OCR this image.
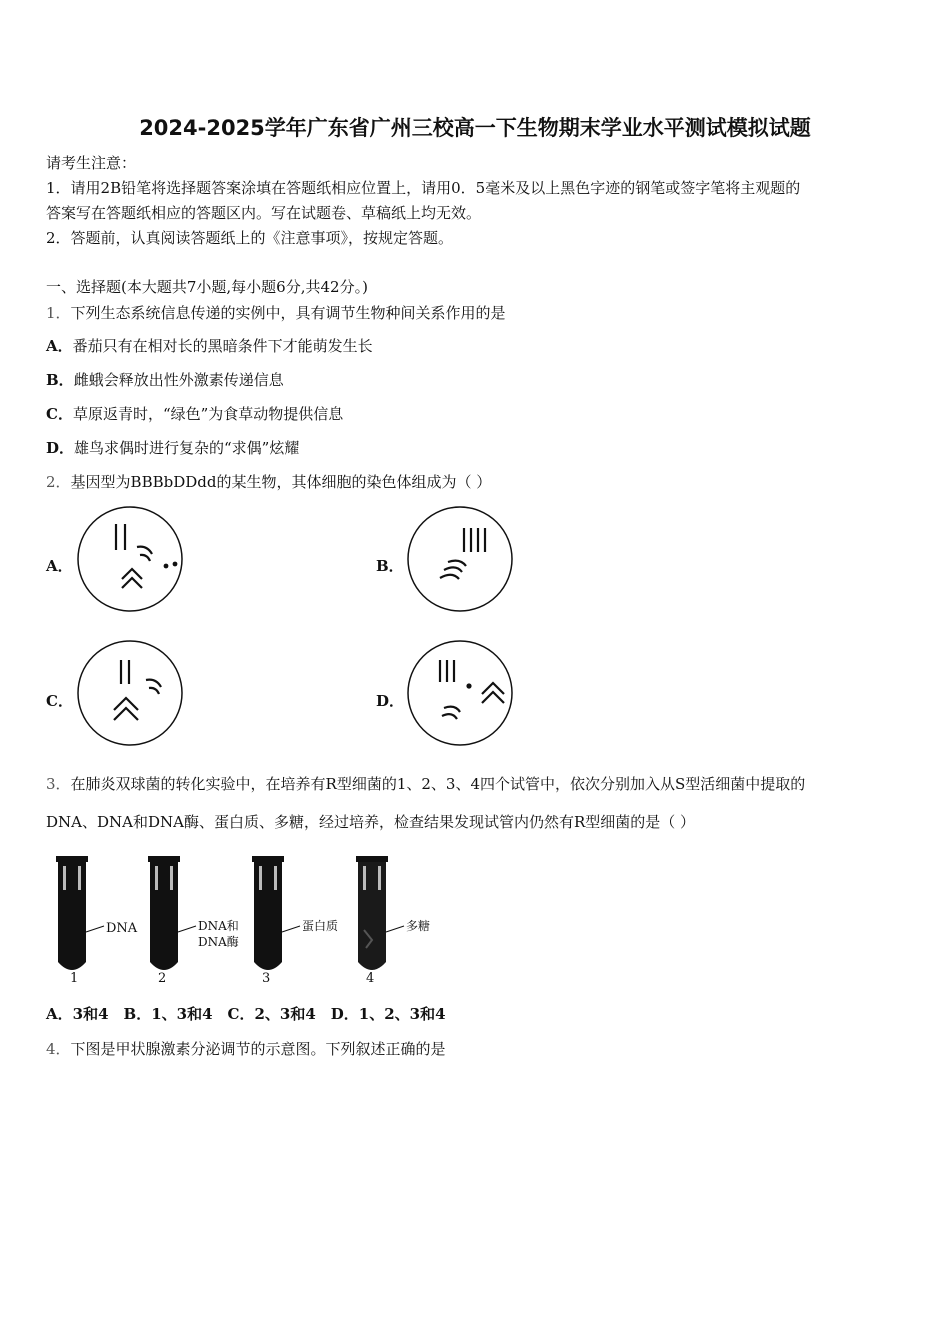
2024-2025学年广东省广州三校高一下生物期末学业水平测试模拟试题
请考生注意：
1．请用2B铅笔将选择题答案涂填在答题纸相应位置上，请用0．5毫米及以上黑色字迹的钢笔或签字笔将主观题的
答案写在答题纸相应的答题区内。写在试题卷、草稿纸上均无效。
2．答题前，认真阅读答题纸上的《注意事项》，按规定答题。
一、选择题(本大题共7小题,每小题6分,共42分。)
1．下列生态系统信息传递的实例中，具有调节生物种间关系作用的是
A．番茄只有在相对长的黑暗条件下才能萌发生长
B．雌蛾会释放出性外激素传递信息
C．草原返青时，“绿色”为食草动物提供信息
D．雄鸟求偶时进行复杂的“求偶”炫耀
2．基因型为BBBbDDdd的某生物，其体细胞的染色体组成为（ ）
A．	B．
C．	D．
3．在肺炎双球菌的转化实验中，在培养有R型细菌的1、2、3、4四个试管中，依次分别加入从S型活细菌中提取的
DNA、DNA和DNA酶、蛋白质、多糖，经过培养，检查结果发现试管内仍然有R型细菌的是（ ）
DNA
1
DNA和
DNA酶
2
蛋白质
3
多糖
4
A．3和4　B．1、3和4　C．2、3和4　D．1、2、3和4
4．下图是甲状腺激素分泌调节的示意图。下列叙述正确的是
